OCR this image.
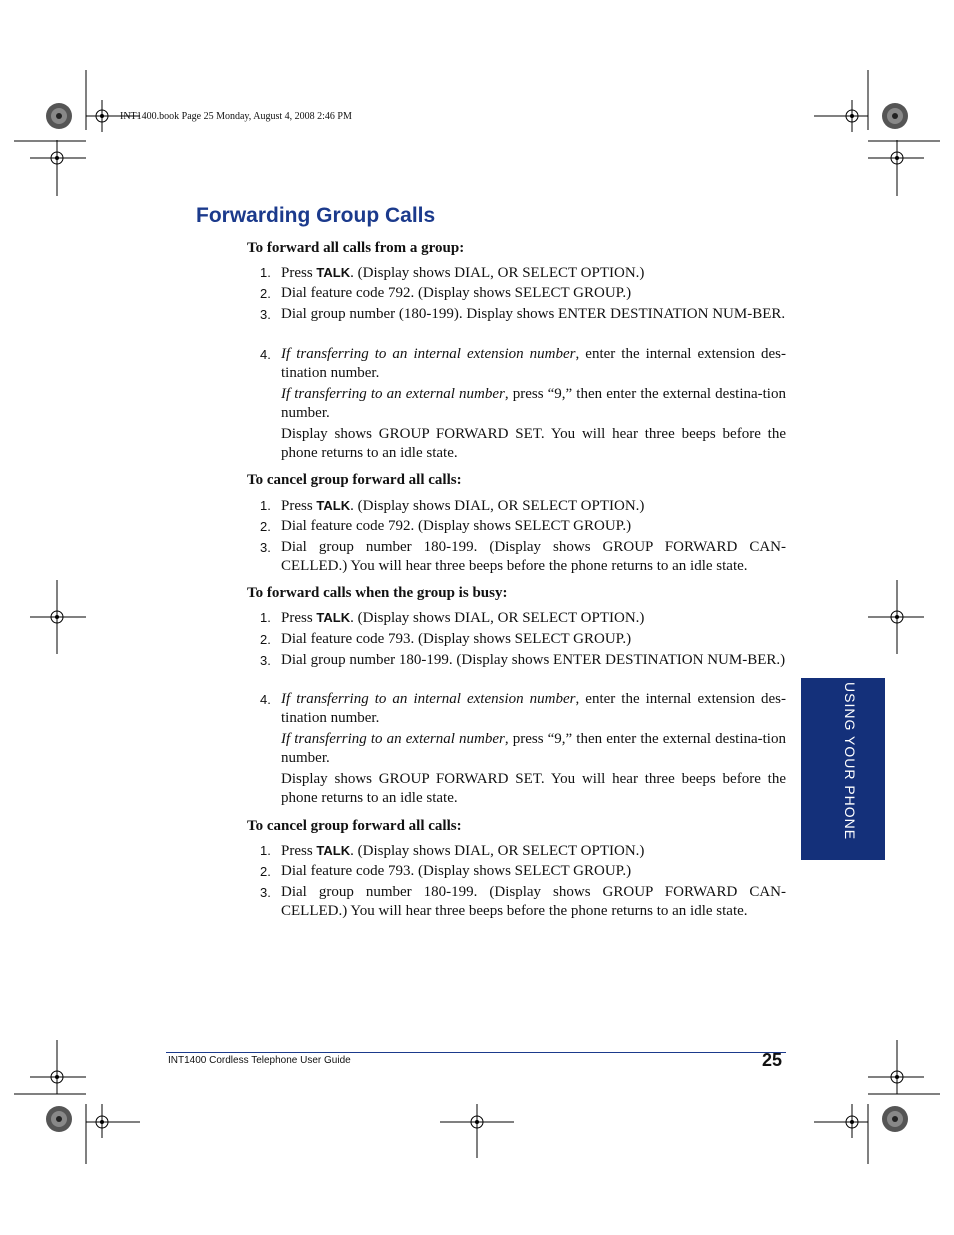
INT1400.book Page 25 Monday, August 4, 2008 2:46 PM
Forwarding Group Calls

To forward all calls from a group:

1. Press TALK. (Display shows DIAL, OR SELECT OPTION.)
2. Dial feature code 792. (Display shows SELECT GROUP.)
3. Dial group number (180-199). Display shows ENTER DESTINATION NUM-BER.
4. If transferring to an internal extension number, enter the internal extension des-tination number.
If transferring to an external number, press “9,” then enter the external destina-tion number.
Display shows GROUP FORWARD SET. You will hear three beeps before the phone returns to an idle state.

To cancel group forward all calls:

1. Press TALK. (Display shows DIAL, OR SELECT OPTION.)
2. Dial feature code 792. (Display shows SELECT GROUP.)
3. Dial group number 180-199. (Display shows GROUP FORWARD CAN-CELLED.) You will hear three beeps before the phone returns to an idle state.

To forward calls when the group is busy:

1. Press TALK. (Display shows DIAL, OR SELECT OPTION.)
2. Dial feature code 793. (Display shows SELECT GROUP.)
3. Dial group number 180-199. (Display shows ENTER DESTINATION NUM-BER.)
4. If transferring to an internal extension number, enter the internal extension des-tination number.
If transferring to an external number, press “9,” then enter the external destina-tion number.
Display shows GROUP FORWARD SET. You will hear three beeps before the phone returns to an idle state.

To cancel group forward all calls:

1. Press TALK. (Display shows DIAL, OR SELECT OPTION.)
2. Dial feature code 793. (Display shows SELECT GROUP.)
3. Dial group number 180-199. (Display shows GROUP FORWARD CAN-CELLED.) You will hear three beeps before the phone returns to an idle state.
USING YOUR PHONE
INT1400 Cordless Telephone User Guide	25
